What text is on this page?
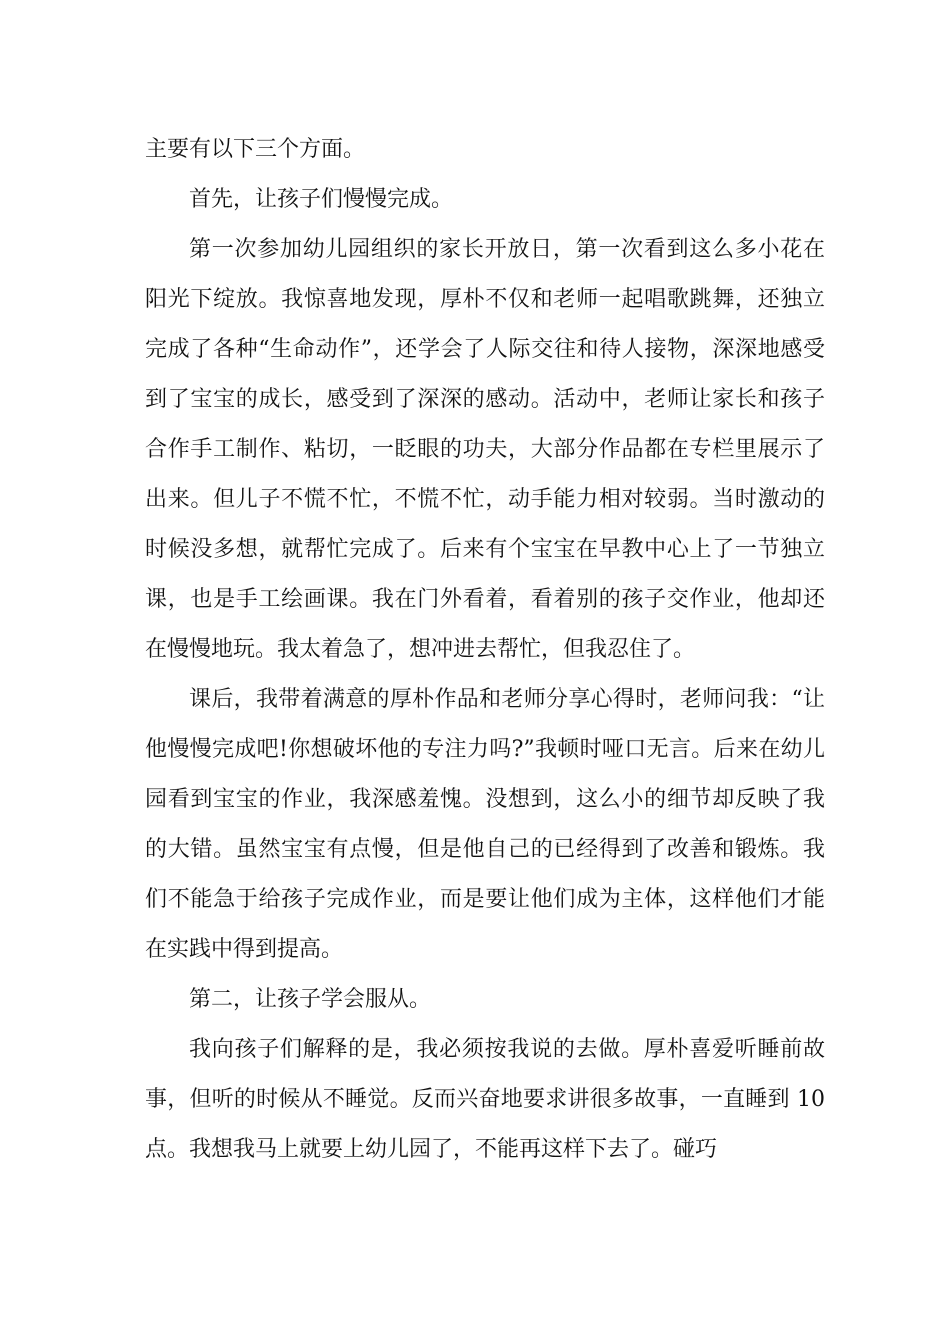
主要有以下三个方面。

首先，让孩子们慢慢完成。

第一次参加幼儿园组织的家长开放日，第一次看到这么多小花在阳光下绽放。我惊喜地发现，厚朴不仅和老师一起唱歌跳舞，还独立完成了各种“生命动作”，还学会了人际交往和待人接物，深深地感受到了宝宝的成长，感受到了深深的感动。活动中，老师让家长和孩子合作手工制作、粘切，一眨眼的功夫，大部分作品都在专栏里展示了出来。但儿子不慌不忙，不慌不忙，动手能力相对较弱。当时激动的时候没多想，就帮忙完成了。后来有个宝宝在早教中心上了一节独立课，也是手工绘画课。我在门外看着，看着别的孩子交作业，他却还在慢慢地玩。我太着急了，想冲进去帮忙，但我忍住了。

课后，我带着满意的厚朴作品和老师分享心得时，老师问我：“让他慢慢完成吧!你想破坏他的专注力吗?”我顿时哑口无言。后来在幼儿园看到宝宝的作业，我深感羞愧。没想到，这么小的细节却反映了我的大错。虽然宝宝有点慢，但是他自己的已经得到了改善和锻炼。我们不能急于给孩子完成作业，而是要让他们成为主体，这样他们才能在实践中得到提高。

第二，让孩子学会服从。

我向孩子们解释的是，我必须按我说的去做。厚朴喜爱听睡前故事，但听的时候从不睡觉。反而兴奋地要求讲很多故事，一直睡到 10 点。我想我马上就要上幼儿园了，不能再这样下去了。碰巧
